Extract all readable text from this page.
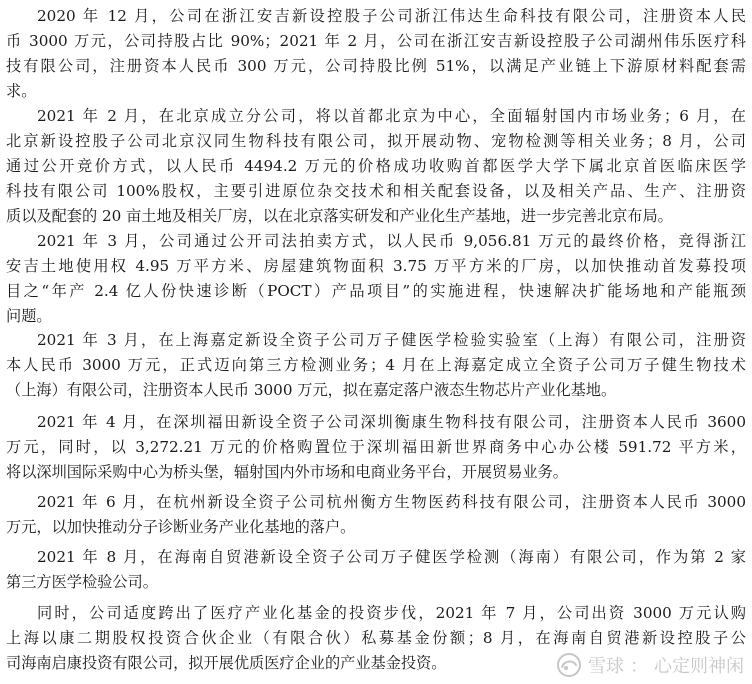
2020 年 12 月，公司在浙江安吉新设控股子公司浙江伟达生命科技有限公司，注册资本人民
币 3000 万元，公司持股占比 90%；2021 年 2 月，公司在浙江安吉新设控股子公司湖州伟乐医疗科
技有限公司，注册资本人民币 300 万元，公司持股比例 51%，以满足产业链上下游原材料配套需
求。
2021 年 2 月，在北京成立分公司，将以首都北京为中心，全面辐射国内市场业务；6 月，在
北京新设控股子公司北京汉同生物科技有限公司，拟开展动物、宠物检测等相关业务；8 月，公司
通过公开竞价方式，以人民币 4494.2 万元的价格成功收购首都医学大学下属北京首医临床医学
科技有限公司 100%股权，主要引进原位杂交技术和相关配套设备，以及相关产品、生产、注册资
质以及配套的 20 亩土地及相关厂房，以在北京落实研发和产业化生产基地，进一步完善北京布局。
2021 年 3 月，公司通过公开司法拍卖方式，以人民币 9,056.81 万元的最终价格，竞得浙江
安吉土地使用权 4.95 万平方米、房屋建筑物面积 3.75 万平方米的厂房，以加快推动首发募投项
目之“年产 2.4 亿人份快速诊断（POCT）产品项目”的实施进程，快速解决扩能场地和产能瓶颈
问题。
2021 年 3 月，在上海嘉定新设全资子公司万子健医学检验实验室（上海）有限公司，注册资
本人民币 3000 万元，正式迈向第三方检测业务；4 月在上海嘉定成立全资子公司万子健生物技术
（上海）有限公司，注册资本人民币 3000 万元，拟在嘉定落户液态生物芯片产业化基地。
2021 年 4 月，在深圳福田新设全资子公司深圳衡康生物科技有限公司，注册资本人民币 3600
万元，同时，以 3,272.21 万元的价格购置位于深圳福田新世界商务中心办公楼 591.72 平方米，
将以深圳国际采购中心为桥头堡，辐射国内外市场和电商业务平台，开展贸易业务。
2021 年 6 月，在杭州新设全资子公司杭州衡方生物医药科技有限公司，注册资本人民币 3000
万元，以加快推动分子诊断业务产业化基地的落户。
2021 年 8 月，在海南自贸港新设全资子公司万子健医学检测（海南）有限公司，作为第 2 家
第三方医学检验公司。
同时，公司适度跨出了医疗产业化基金的投资步伐，2021 年 7 月，公司出资 3000 万元认购
上海以康二期股权投资合伙企业（有限合伙）私募基金份额；8 月，在海南自贸港新设控股子公
司海南启康投资有限公司，拟开展优质医疗企业的产业基金投资。	雪球 ： 心定则神闲
